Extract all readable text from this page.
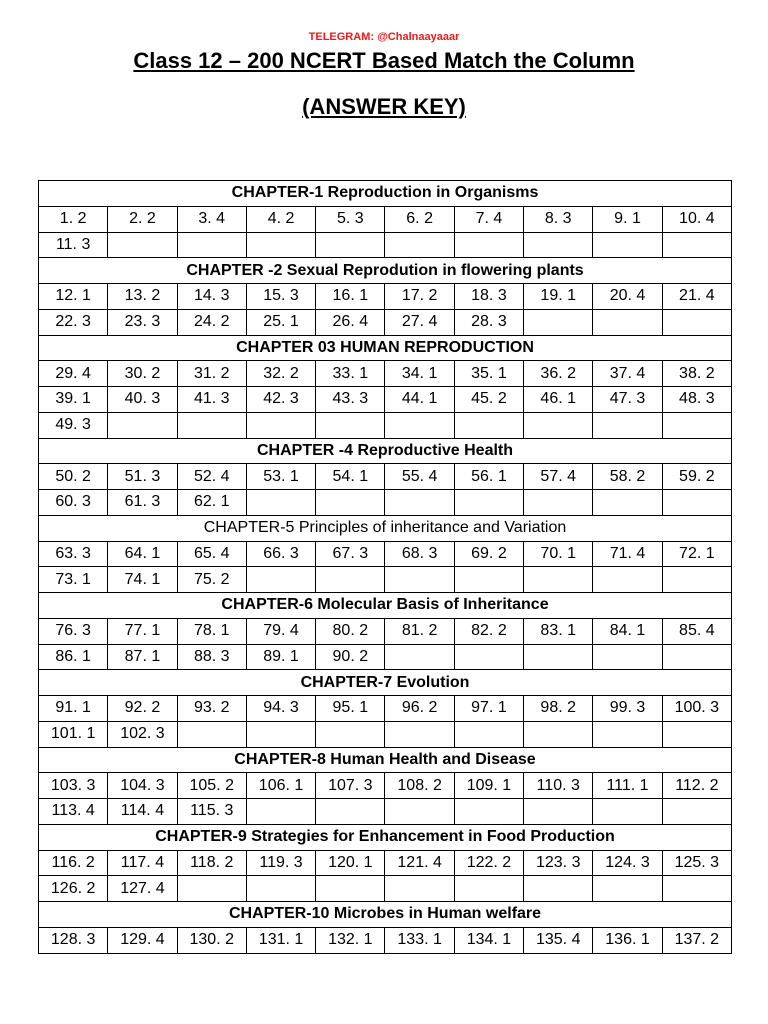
TELEGRAM: @Chalnaayaaar
Class 12 – 200 NCERT Based Match the Column
(ANSWER KEY)
CHAPTER-1 Reproduction in Organisms									
1. 2	2. 2	3. 4	4. 2	5. 3	6. 2	7. 4	8. 3	9. 1	10. 4
11. 3									
CHAPTER -2 Sexual Reprodution in flowering plants									
12. 1	13. 2	14. 3	15. 3	16. 1	17. 2	18. 3	19. 1	20. 4	21. 4
22. 3	23. 3	24. 2	25. 1	26. 4	27. 4	28. 3			
CHAPTER 03 HUMAN REPRODUCTION									
29. 4	30. 2	31. 2	32. 2	33. 1	34. 1	35. 1	36. 2	37. 4	38. 2
39. 1	40. 3	41. 3	42. 3	43. 3	44. 1	45. 2	46. 1	47. 3	48. 3
49. 3									
CHAPTER -4 Reproductive Health									
50. 2	51. 3	52. 4	53. 1	54. 1	55. 4	56. 1	57. 4	58. 2	59. 2
60. 3	61. 3	62. 1							
CHAPTER-5 Principles of inheritance and Variation									
63. 3	64. 1	65. 4	66. 3	67. 3	68. 3	69. 2	70. 1	71. 4	72. 1
73. 1	74. 1	75. 2							
CHAPTER-6 Molecular Basis of Inheritance									
76. 3	77. 1	78. 1	79. 4	80. 2	81. 2	82. 2	83. 1	84. 1	85. 4
86. 1	87. 1	88. 3	89. 1	90. 2					
CHAPTER-7 Evolution									
91. 1	92. 2	93. 2	94. 3	95. 1	96. 2	97. 1	98. 2	99. 3	100. 3
101. 1	102. 3								
CHAPTER-8 Human Health and Disease									
103. 3	104. 3	105. 2	106. 1	107. 3	108. 2	109. 1	110. 3	111. 1	112. 2
113. 4	114. 4	115. 3							
CHAPTER-9 Strategies for Enhancement in Food Production									
116. 2	117. 4	118. 2	119. 3	120. 1	121. 4	122. 2	123. 3	124. 3	125. 3
126. 2	127. 4								
CHAPTER-10 Microbes in Human welfare									
128. 3	129. 4	130. 2	131. 1	132. 1	133. 1	134. 1	135. 4	136. 1	137. 2
